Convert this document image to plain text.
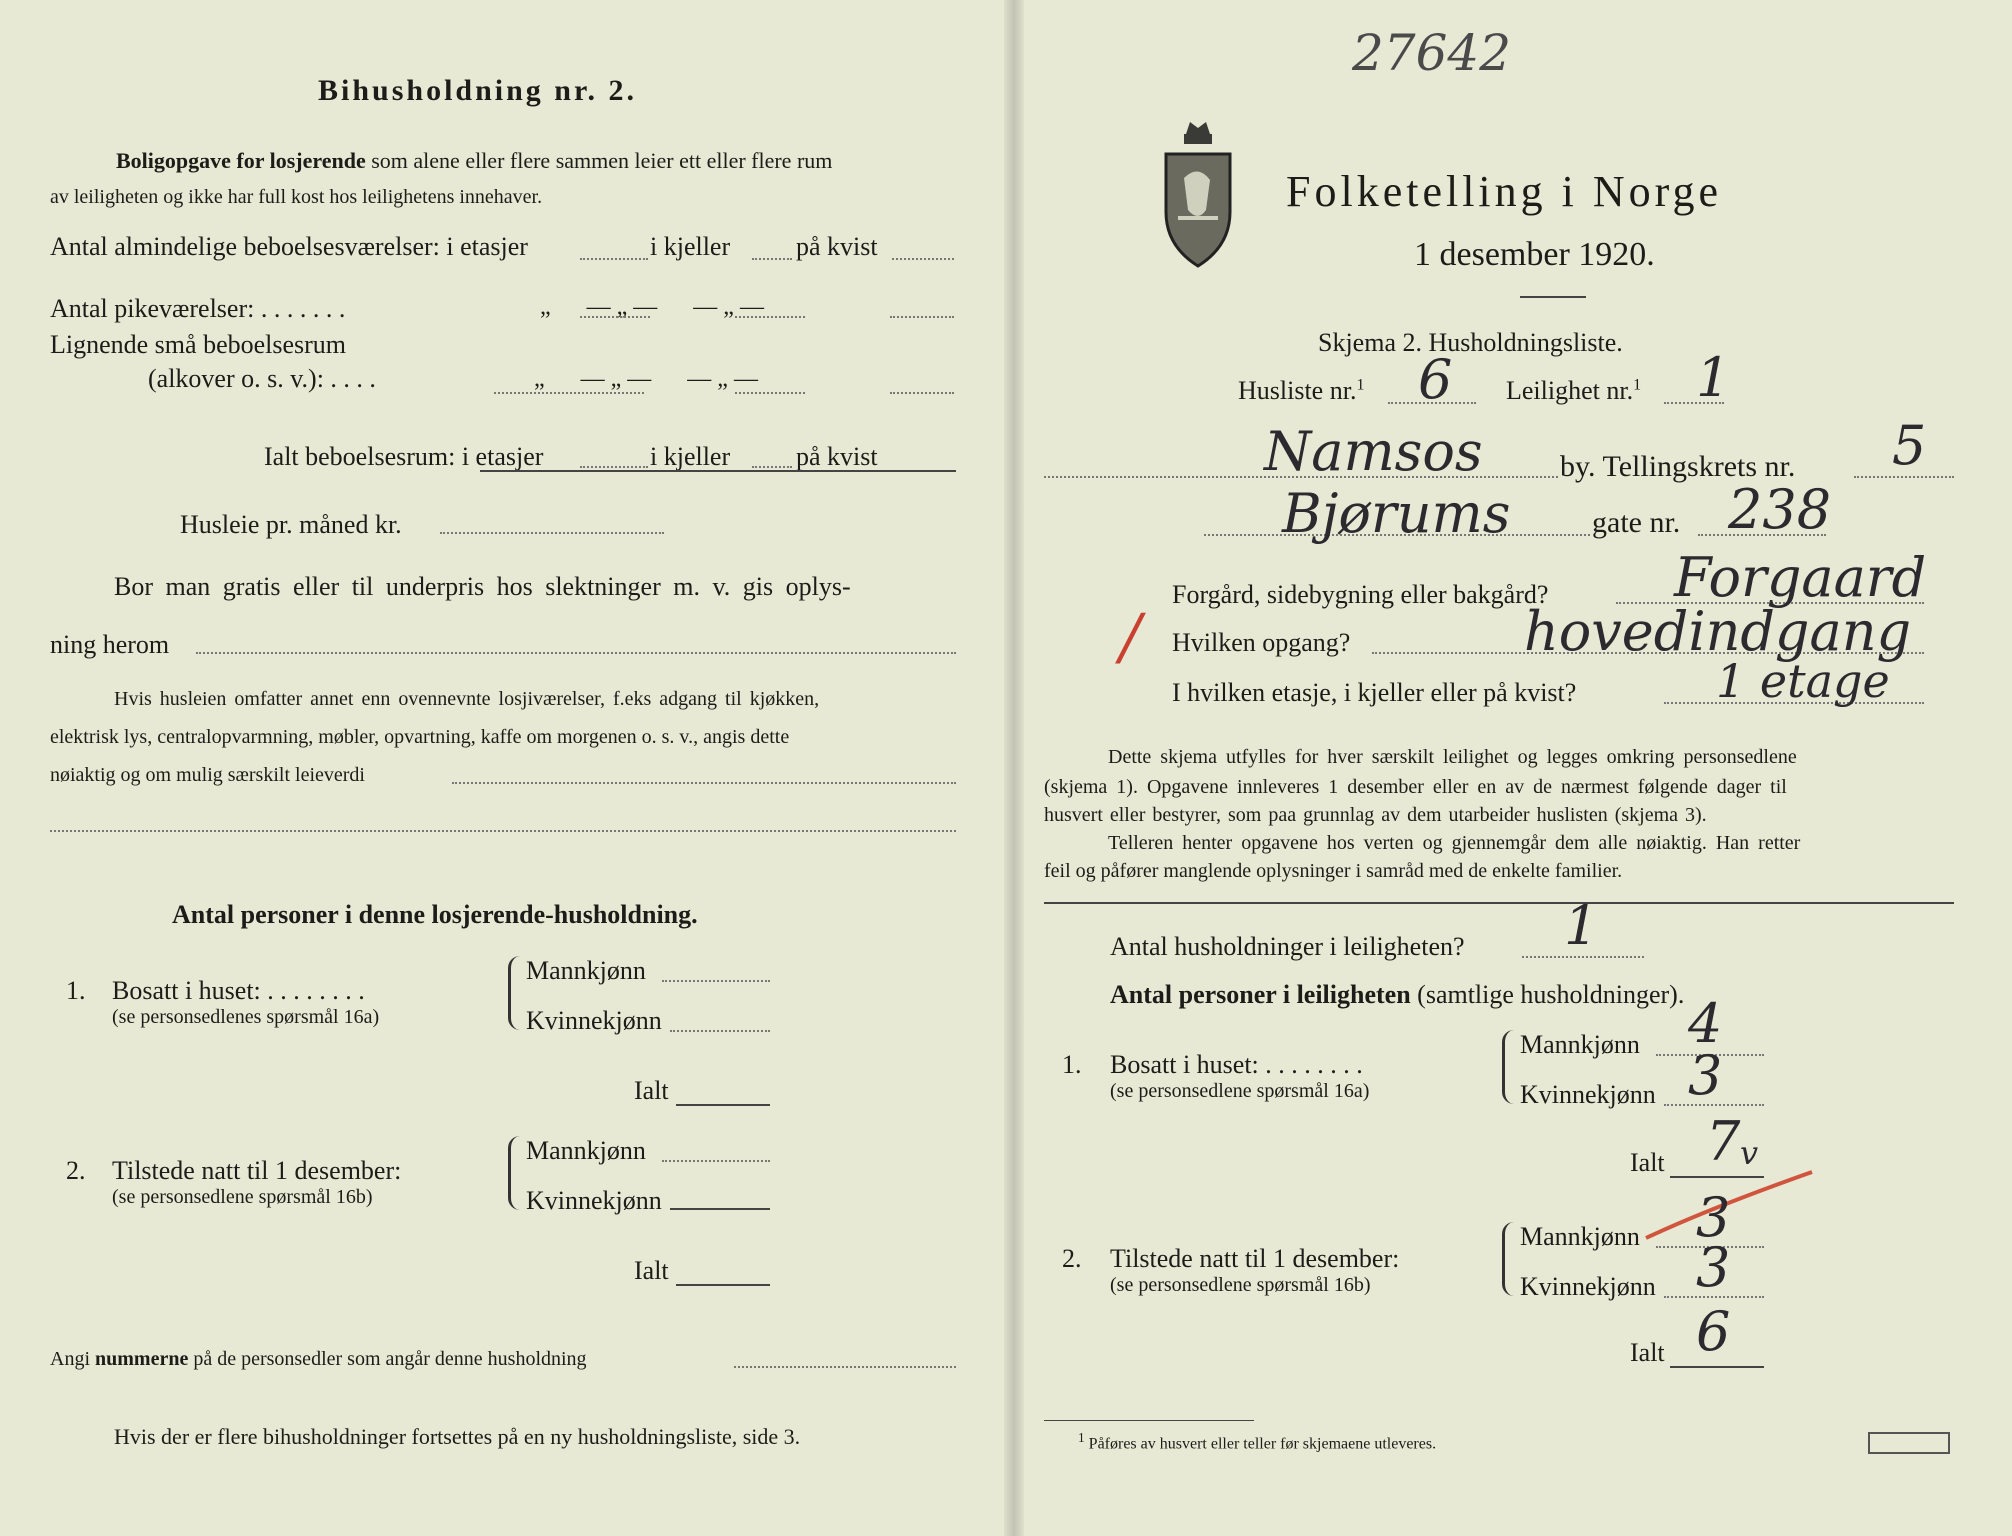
Bihusholdning nr. 2.
Boligopgave for losjerende som alene eller flere sammen leier ett eller flere rum
av leiligheten og ikke har full kost hos leilighetens innehaver.
Antal almindelige beboelsesværelser: i etasjer	i kjeller	på kvist
Antal pikeværelser: . . . . . . .	„      — „ —      — „ —
Lignende små beboelsesrum
(alkover o. s. v.): . . . .	„      — „ —      — „ —
Ialt beboelsesrum: i etasjer	i kjeller	på kvist
Husleie pr. måned kr.
Bor man gratis eller til underpris hos slektninger m. v. gis oplys-
ning herom
Hvis husleien omfatter annet enn ovennevnte losjiværelser, f.eks adgang til kjøkken,
elektrisk lys, centralopvarmning, møbler, opvartning, kaffe om morgenen o. s. v., angis dette
nøiaktig og om mulig særskilt leieverdi
Antal personer i denne losjerende-husholdning.
1. Bosatt i huset: . . . . . . . .
(se personsedlenes spørsmål 16a)
Mannkjønn
Kvinnekjønn
Ialt
2. Tilstede natt til 1 desember:
(se personsedlene spørsmål 16b)
Mannkjønn
Kvinnekjønn
Ialt
Angi nummerne på de personsedler som angår denne husholdning
Hvis der er flere bihusholdninger fortsettes på en ny husholdningsliste, side 3.
27642
Folketelling i Norge
1 desember 1920.
Skjema 2. Husholdningsliste.
Husliste nr.$^1$ 6 Leilighet nr.$^1$ 1
Namsos	by. Tellingskrets nr. 5
Bjørums	gate nr. 238
Forgård, sidebygning eller bakgård? Forgaard
Hvilken opgang?	hovedindgang
/
I hvilken etasje, i kjeller eller på kvist?	1 etage
Dette skjema utfylles for hver særskilt leilighet og legges omkring personsedlene
(skjema 1). Opgavene innleveres 1 desember eller en av de nærmest følgende dager til
husvert eller bestyrer, som paa grunnlag av dem utarbeider huslisten (skjema 3).
Telleren henter opgavene hos verten og gjennemgår dem alle nøiaktig. Han retter
feil og påfører manglende oplysninger i samråd med de enkelte familier.
Antal husholdninger i leiligheten? 1
Antal personer i leiligheten (samtlige husholdninger).
1. Bosatt i huset: . . . . . . . .
(se personsedlene spørsmål 16a)
Mannkjønn 4
Kvinnekjønn 3
Ialt 7 v
2. Tilstede natt til 1 desember:
(se personsedlene spørsmål 16b)
Mannkjønn 3
Kvinnekjønn 3
Ialt 6
$^1$ Påføres av husvert eller teller før skjemaene utleveres.
